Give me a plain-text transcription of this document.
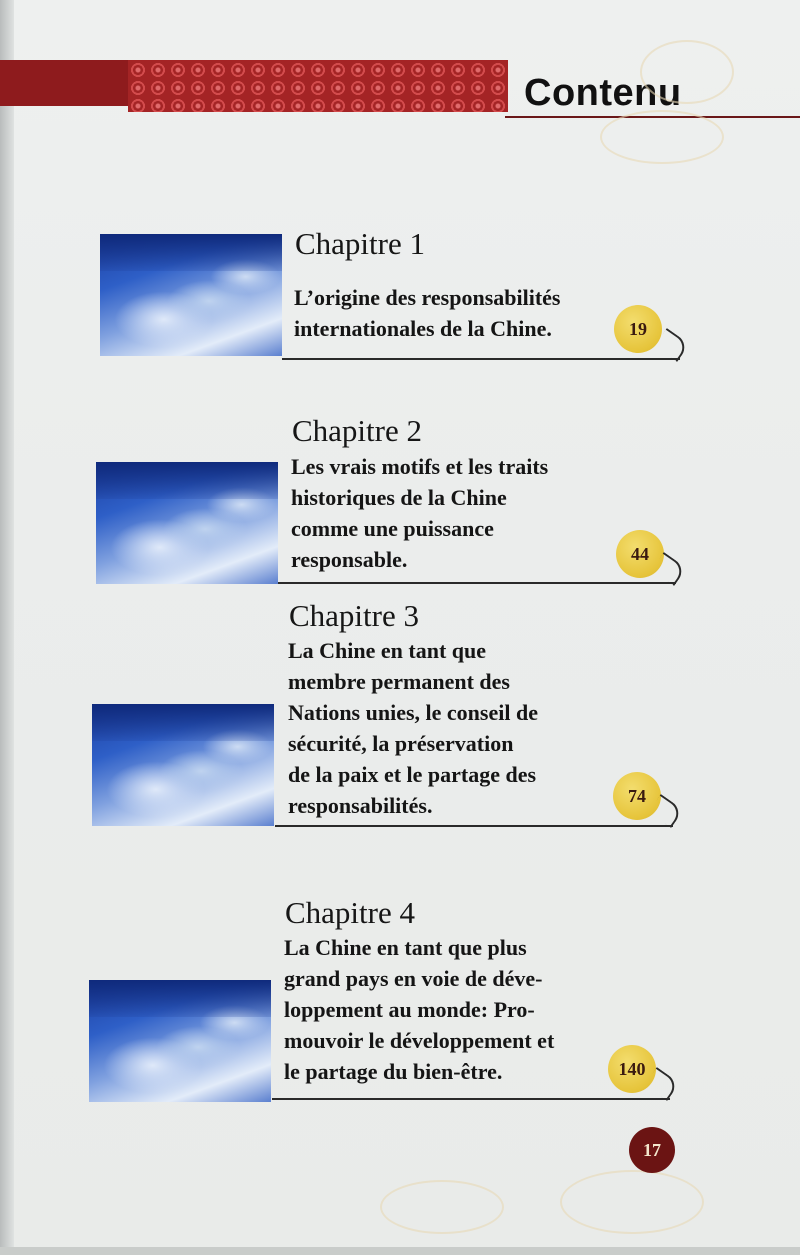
Contenu
Chapitre 1
L’origine des responsabilités
internationales de la Chine.	19
Chapitre 2
Les vrais motifs et les traits
historiques de la Chine
comme une puissance
responsable.	44
Chapitre 3
La Chine en tant que
membre permanent des
Nations unies, le conseil de
sécurité, la préservation
de la paix et le partage des
responsabilités.	74
Chapitre 4
La Chine en tant que plus
grand pays en voie de déve-
loppement au monde: Pro-
mouvoir le développement et
le partage du bien-être.	140
17
